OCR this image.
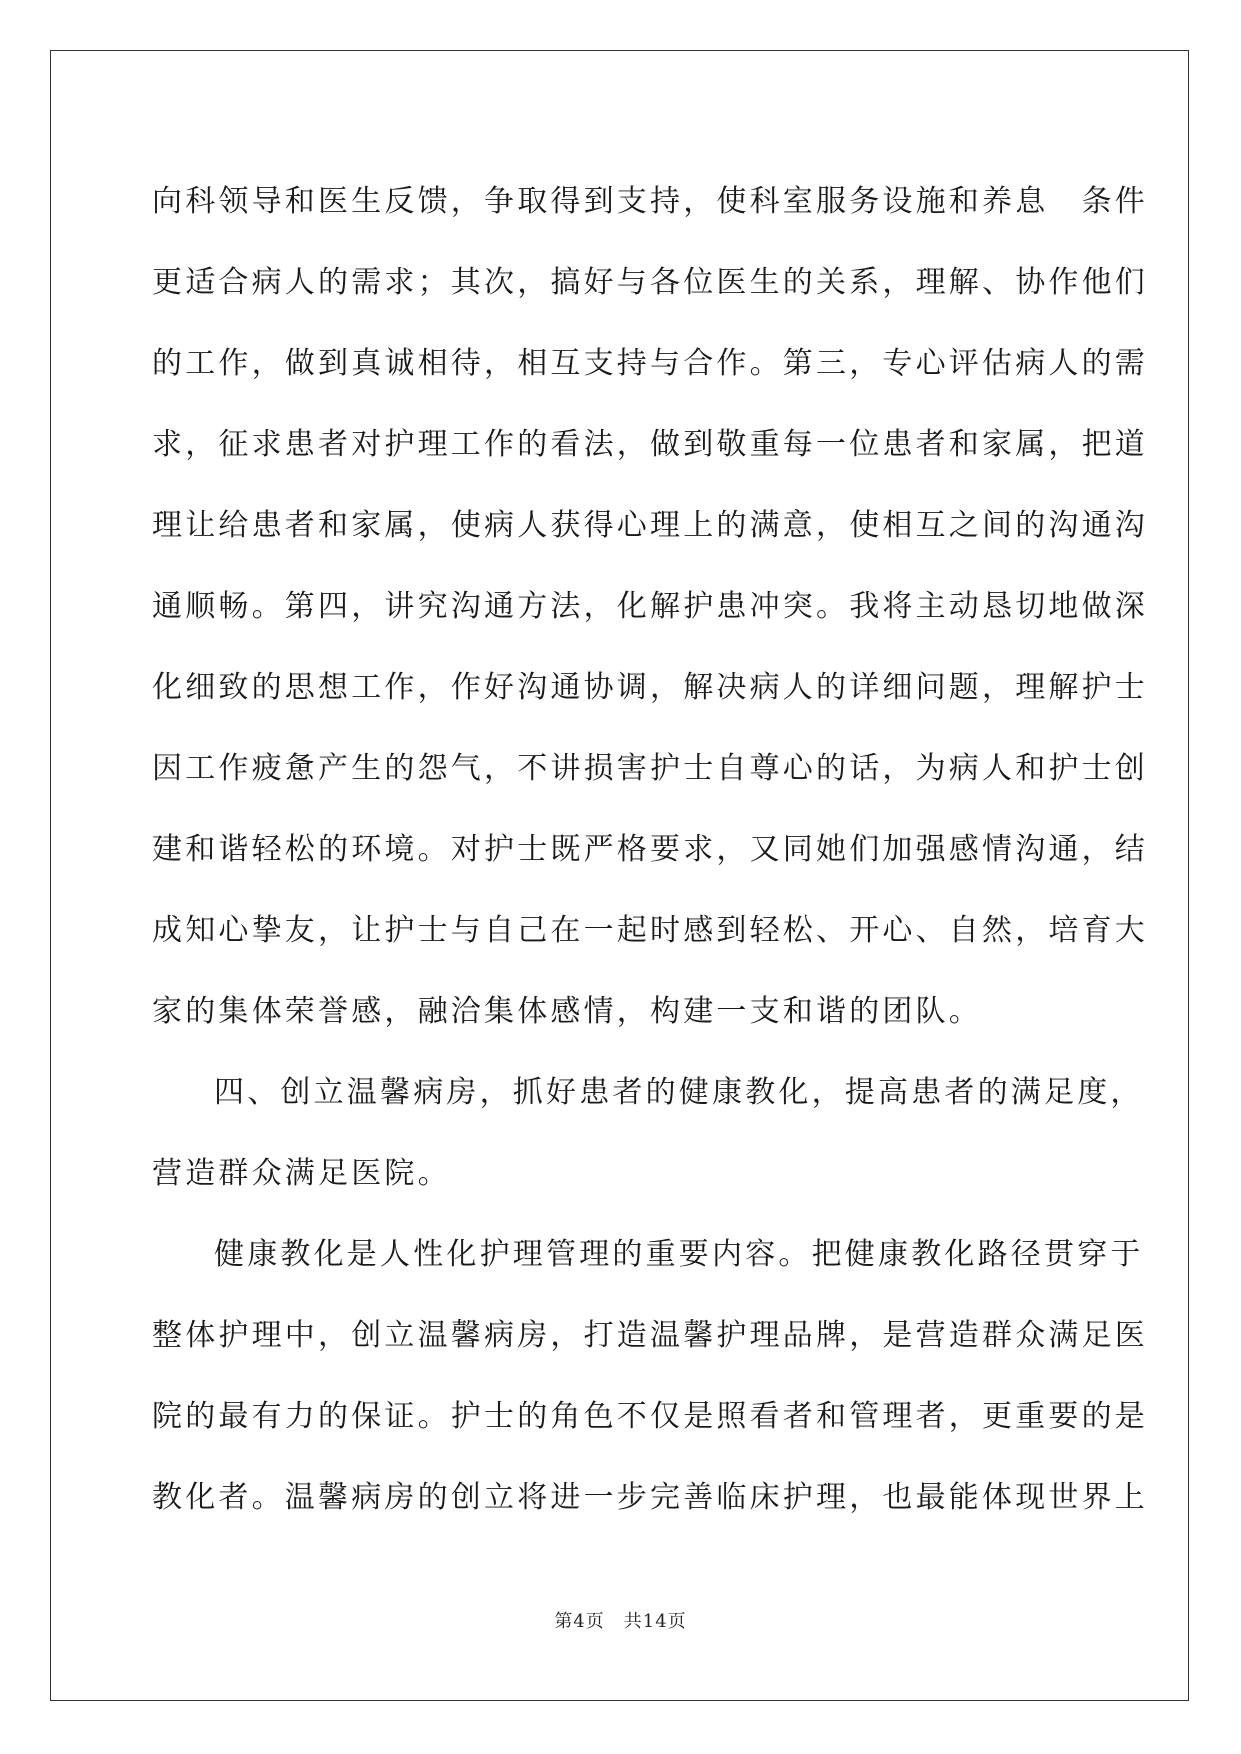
向科领导和医生反馈，争取得到支持，使科室服务设施和养息　条件
更适合病人的需求；其次，搞好与各位医生的关系，理解、协作他们
的工作，做到真诚相待，相互支持与合作。第三，专心评估病人的需
求，征求患者对护理工作的看法，做到敬重每一位患者和家属，把道
理让给患者和家属，使病人获得心理上的满意，使相互之间的沟通沟
通顺畅。第四，讲究沟通方法，化解护患冲突。我将主动恳切地做深
化细致的思想工作，作好沟通协调，解决病人的详细问题，理解护士
因工作疲惫产生的怨气，不讲损害护士自尊心的话，为病人和护士创
建和谐轻松的环境。对护士既严格要求，又同她们加强感情沟通，结
成知心挚友，让护士与自己在一起时感到轻松、开心、自然，培育大
家的集体荣誉感，融洽集体感情，构建一支和谐的团队。

四、创立温馨病房，抓好患者的健康教化，提高患者的满足度，
营造群众满足医院。

健康教化是人性化护理管理的重要内容。把健康教化路径贯穿于
整体护理中，创立温馨病房，打造温馨护理品牌，是营造群众满足医
院的最有力的保证。护士的角色不仅是照看者和管理者，更重要的是
教化者。温馨病房的创立将进一步完善临床护理，也最能体现世界上

第4页　共14页
